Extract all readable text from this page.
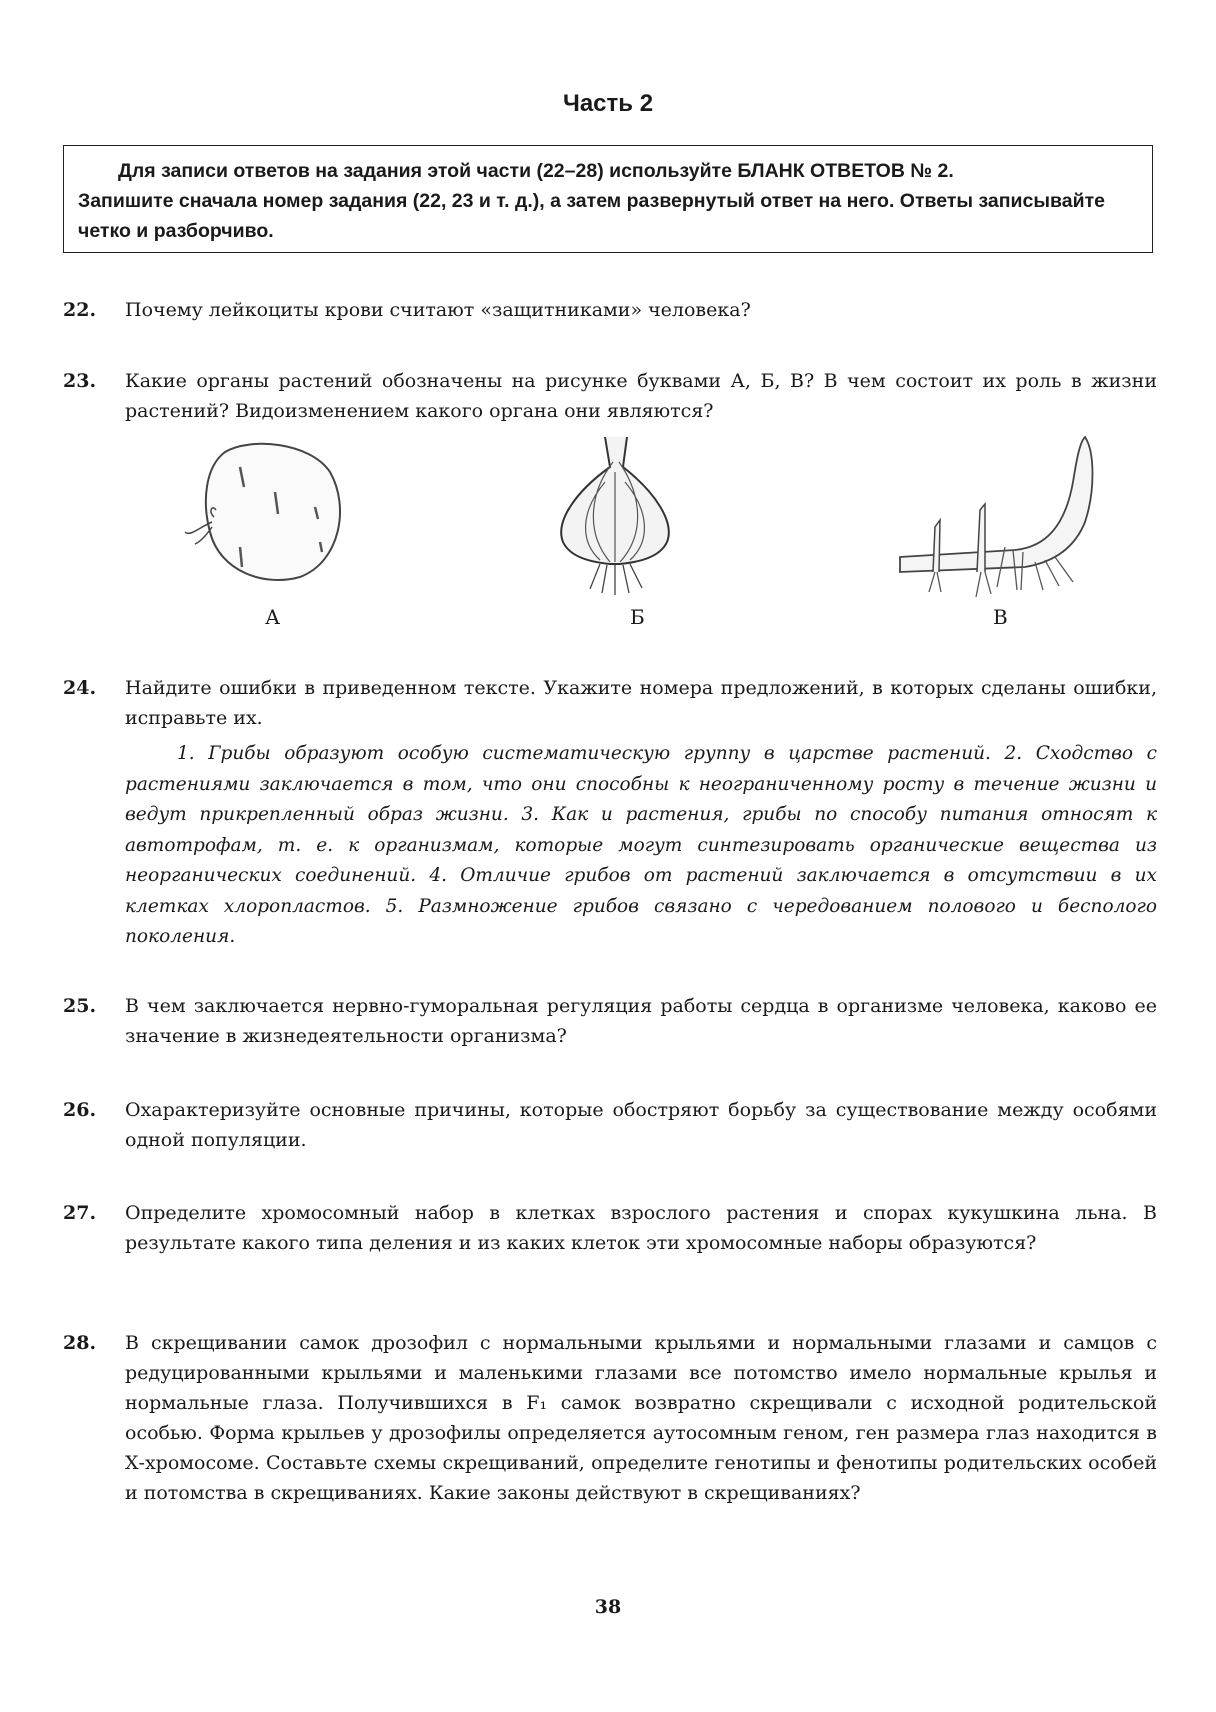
Часть 2
Для записи ответов на задания этой части (22–28) используйте БЛАНК ОТВЕТОВ № 2.
Запишите сначала номер задания (22, 23 и т. д.), а затем развернутый ответ на него. Ответы записывайте четко и разборчиво.
22. Почему лейкоциты крови считают «защитниками» человека?
23. Какие органы растений обозначены на рисунке буквами А, Б, В? В чем состоит их роль в жизни растений? Видоизменением какого органа они являются?
А	Б	В
24. Найдите ошибки в приведенном тексте. Укажите номера предложений, в которых сделаны ошибки, исправьте их.
1. Грибы образуют особую систематическую группу в царстве растений. 2. Сходство с растениями заключается в том, что они способны к неограниченному росту в течение жизни и ведут прикрепленный образ жизни. 3. Как и растения, грибы по способу питания относят к автотрофам, т. е. к организмам, которые могут синтезировать органические вещества из неорганических соединений. 4. Отличие грибов от растений заключается в отсутствии в их клетках хлоропластов. 5. Размножение грибов связано с чередованием полового и бесполого поколения.
25. В чем заключается нервно-гуморальная регуляция работы сердца в организме человека, каково ее значение в жизнедеятельности организма?
26. Охарактеризуйте основные причины, которые обостряют борьбу за существование между особями одной популяции.
27. Определите хромосомный набор в клетках взрослого растения и спорах кукушкина льна. В результате какого типа деления и из каких клеток эти хромосомные наборы образуются?
28. В скрещивании самок дрозофил с нормальными крыльями и нормальными глазами и самцов с редуцированными крыльями и маленькими глазами все потомство имело нормальные крылья и нормальные глаза. Получившихся в F₁ самок возвратно скрещивали с исходной родительской особью. Форма крыльев у дрозофилы определяется аутосомным геном, ген размера глаз находится в Х-хромосоме. Составьте схемы скрещиваний, определите генотипы и фенотипы родительских особей и потомства в скрещиваниях. Какие законы действуют в скрещиваниях?
38
